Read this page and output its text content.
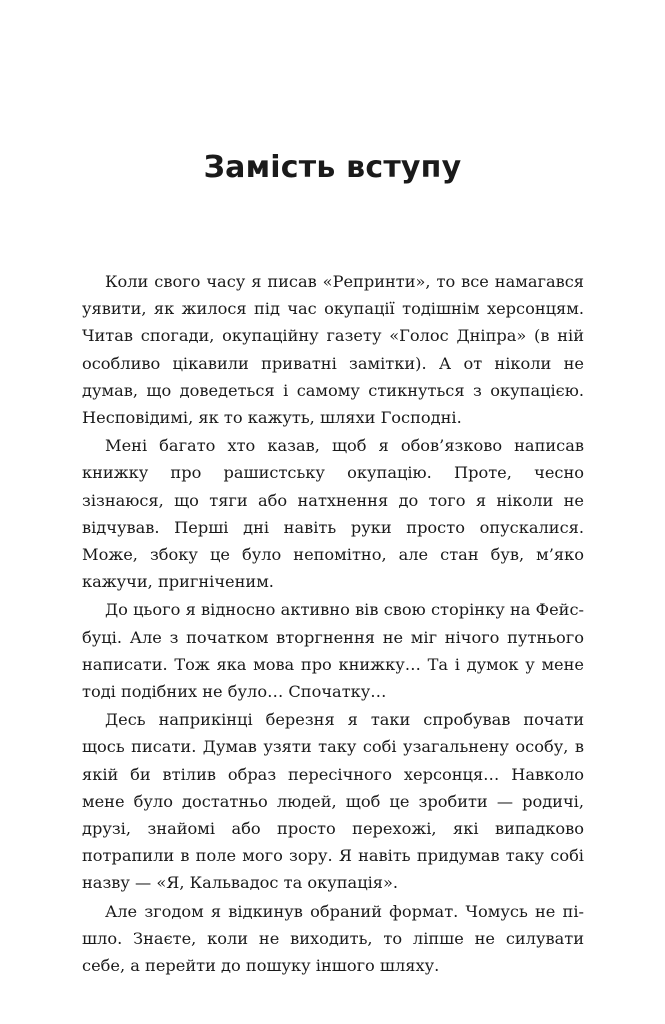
Замість вступу

Коли свого часу я писав «Репринти», то все намагався уявити, як жилося під час окупації тодішнім херсонцям. Читав спогади, окупаційну газету «Голос Дніпра» (в ній особливо цікавили приватні замітки). А от ніколи не думав, що доведеться і самому стикнуться з окупацією. Несповідимі, як то кажуть, шляхи Господні.

Мені багато хто казав, щоб я обов’язково написав книжку про рашистську окупацію. Проте, чесно зізнаюся, що тяги або натхнення до того я ніколи не відчував. Перші дні навіть руки просто опускалися. Може, збоку це було непомітно, але стан був, м’яко кажучи, пригніченим.

До цього я відносно активно вів свою сторінку на Фейсбуці. Але з початком вторгнення не міг нічого путнього написати. Тож яка мова про книжку… Та і думок у мене тоді подібних не було… Спочатку…

Десь наприкінці березня я таки спробував почати щось писати. Думав узяти таку собі узагальнену особу, в якій би втілив образ пересічного херсонця… Навколо мене було достатньо людей, щоб це зробити — родичі, друзі, знайомі або просто перехожі, які випадково потрапили в поле мого зору. Я навіть придумав таку собі назву — «Я, Кальвадос та окупація».

Але згодом я відкинув обраний формат. Чомусь не пішло. Знаєте, коли не виходить, то ліпше не силувати себе, а перейти до пошуку іншого шляху.
